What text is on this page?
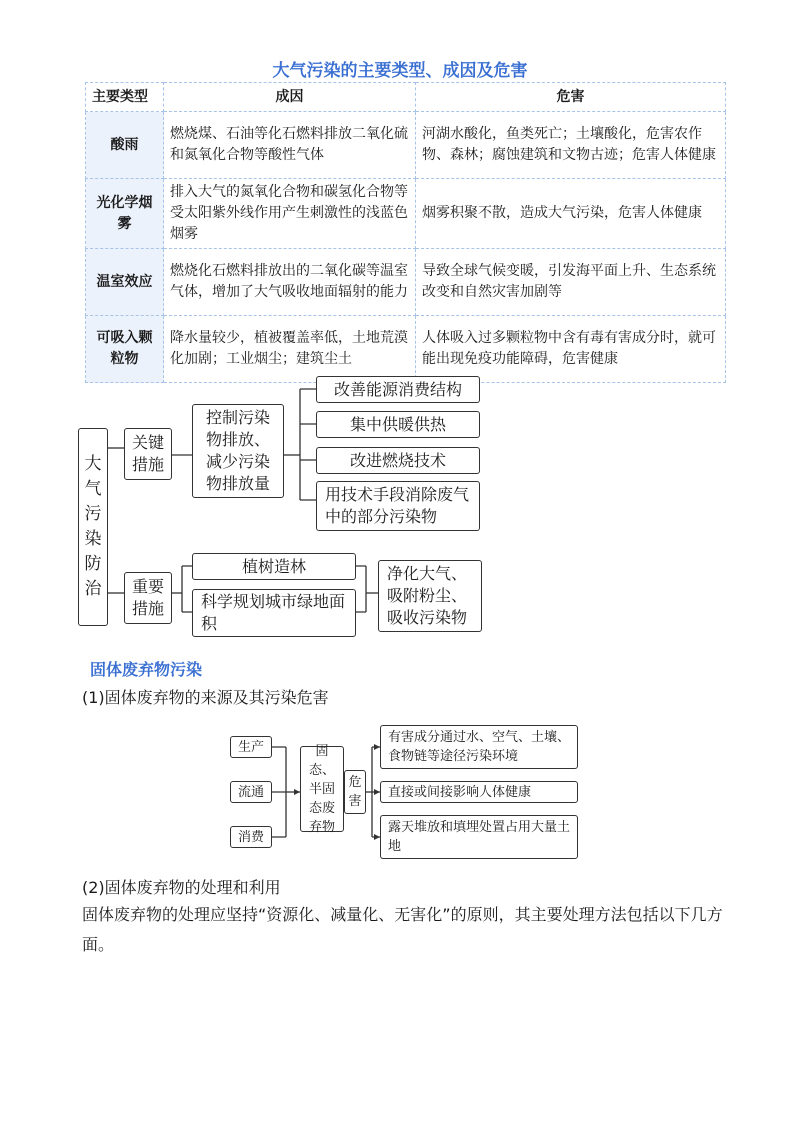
大气污染的主要类型、成因及危害
主要类型	成因	危害
酸雨	燃烧煤、石油等化石燃料排放二氧化硫和氮氧化合物等酸性气体	河湖水酸化，鱼类死亡；土壤酸化，危害农作物、森林；腐蚀建筑和文物古迹；危害人体健康
光化学烟雾	排入大气的氮氧化合物和碳氢化合物等受太阳紫外线作用产生刺激性的浅蓝色烟雾	烟雾积聚不散，造成大气污染，危害人体健康
温室效应	燃烧化石燃料排放出的二氧化碳等温室气体，增加了大气吸收地面辐射的能力	导致全球气候变暖，引发海平面上升、生态系统改变和自然灾害加剧等
可吸入颗粒物	降水量较少，植被覆盖率低，土地荒漠化加剧；工业烟尘；建筑尘土	人体吸入过多颗粒物中含有毒有害成分时，就可能出现免疫功能障碍，危害健康
大气污染防治
关键措施
控制污染物排放、减少污染物排放量
改善能源消费结构
集中供暖供热
改进燃烧技术
用技术手段消除废气中的部分污染物
重要措施
植树造林
科学规划城市绿地面积
净化大气、吸附粉尘、吸收污染物
固体废弃物污染
(1)固体废弃物的来源及其污染危害
生产
流通
消费
固态、半固态废弃物
危害
有害成分通过水、空气、土壤、食物链等途径污染环境
直接或间接影响人体健康
露天堆放和填埋处置占用大量土地
(2)固体废弃物的处理和利用
固体废弃物的处理应坚持“资源化、减量化、无害化”的原则，其主要处理方法包括以下几方面。
